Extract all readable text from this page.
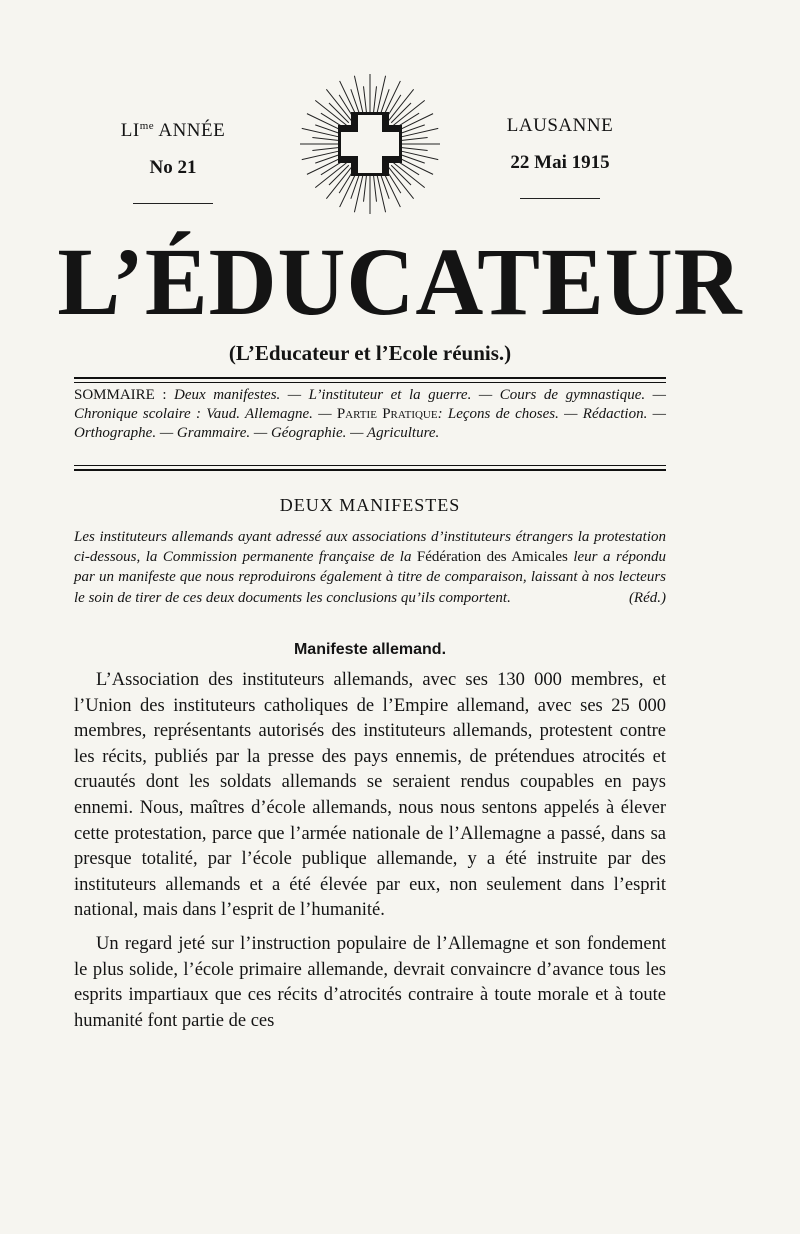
$LI^{me}$ ANNÉE
No 21
LAUSANNE
22 Mai 1915
L’ÉDUCATEUR
(L’Educateur et l’Ecole réunis.)
SOMMAIRE : Deux manifestes. — L’instituteur et la guerre. — Cours de gymnastique. — Chronique scolaire : Vaud. Allemagne. — Partie Pratique: Leçons de choses. — Rédaction. — Orthographe. — Grammaire. — Géographie. — Agriculture.
DEUX MANIFESTES
Les instituteurs allemands ayant adressé aux associations d’instituteurs étrangers la protestation ci-dessous, la Commission permanente française de la Fédération des Amicales leur a répondu par un manifeste que nous reproduirons également à titre de comparaison, laissant à nos lecteurs le soin de tirer de ces deux documents les conclusions qu’ils comportent.	(Réd.)
Manifeste allemand.

L’Association des instituteurs allemands, avec ses 130 000 membres, et l’Union des instituteurs catholiques de l’Empire allemand, avec ses 25 000 membres, représentants autorisés des instituteurs allemands, protestent contre les récits, publiés par la presse des pays ennemis, de prétendues atrocités et cruautés dont les soldats allemands se seraient rendus coupables en pays ennemi. Nous, maîtres d’école allemands, nous nous sentons appelés à élever cette protestation, parce que l’armée nationale de l’Allemagne a passé, dans sa presque totalité, par l’école publique allemande, y a été instruite par des instituteurs allemands et a été élevée par eux, non seulement dans l’esprit national, mais dans l’esprit de l’humanité.

Un regard jeté sur l’instruction populaire de l’Allemagne et son fondement le plus solide, l’école primaire allemande, devrait convaincre d’avance tous les esprits impartiaux que ces récits d’atrocités contraire à toute morale et à toute humanité font partie de ces
